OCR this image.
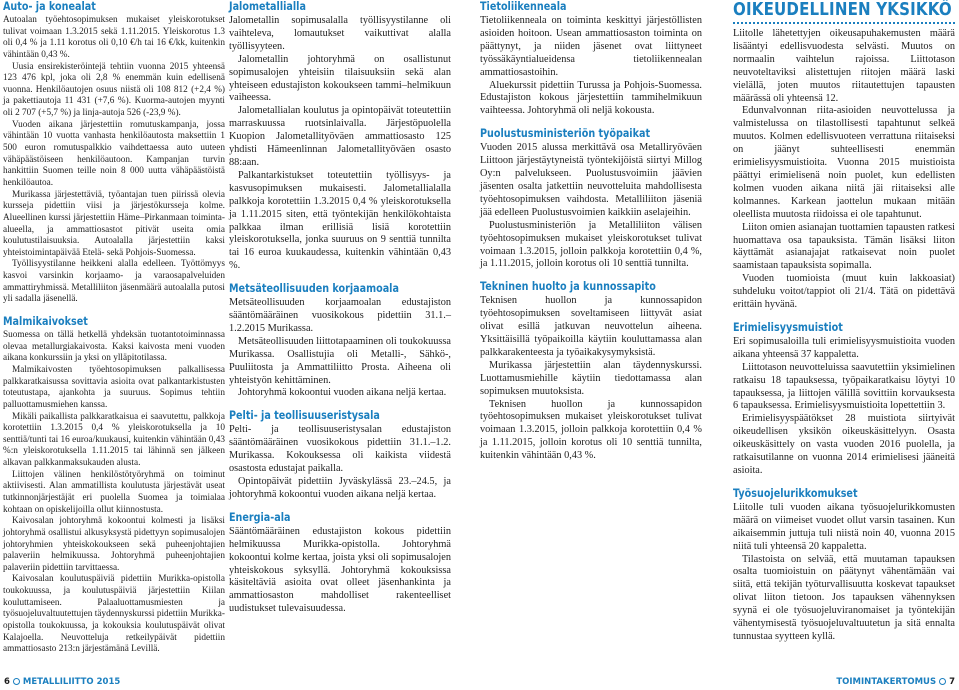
Auto- ja konealat

Autoalan työehtosopimuksen mukaiset yleiskorotukset tulivat voimaan 1.3.2015 sekä 1.11.2015. Yleiskorotus 1.3 oli 0,4 % ja 1.11 korotus oli 0,10 €/h tai 16 €/kk, kuitenkin vähintään 0,43 %.

Uusia ensirekisteröintejä tehtiin vuonna 2015 yhteensä 123 476 kpl, joka oli 2,8 % enemmän kuin edellisenä vuonna. Henkilöautojen osuus niistä oli 108 812 (+2,4 %) ja pakettiautoja 11 431 (+7,6 %). Kuorma-autojen myynti oli 2 707 (+5,7 %) ja linja-autoja 526 (-23,9 %).

Vuoden aikana järjestettiin romutuskampanja, jossa vähintään 10 vuotta vanhasta henkilöautosta maksettiin 1 500 euron romutuspalkkio vaihdettaessa auto uuteen vähäpäästöiseen henkilöautoon. Kampanjan turvin hankittiin Suomen teille noin 8 000 uutta vähäpäästöistä henkilöautoa.

Murikassa järjestettäviä, työantajan tuen piirissä olevia kursseja pidettiin viisi ja järjestökursseja kolme. Alueellinen kurssi järjestettiin Häme–Pirkanmaan toiminta-alueella, ja ammattiosastot pitivät useita omia koulutustilaisuuksia. Autoalalla järjestettiin kaksi yhteistoimintapäivää Etelä- sekä Pohjois-Suomessa.

Työllisyystilanne heikkeni alalla edelleen. Työttömyys kasvoi varsinkin korjaamo- ja varaosapalveluiden ammattiryhmissä. Metalliliiton jäsenmäärä autoalalla putosi yli sadalla jäsenellä.

Malmikaivokset

Suomessa on tällä hetkellä yhdeksän tuotantotoiminnassa olevaa metallurgiakaivosta. Kaksi kaivosta meni vuoden aikana konkurssiin ja yksi on ylläpitotilassa.

Malmikaivosten työehtosopimuksen palkallisessa palkkaratkaisussa sovittavia asioita ovat palkantarkistusten toteutustapa, ajankohta ja suuruus. Sopimus tehtiin palluottamusmiehen kanssa.

Mikäli paikallista palkkaratkaisua ei saavutettu, palkkoja korotettiin 1.3.2015 0,4 % yleiskorotuksella ja 10 senttiä/tunti tai 16 euroa/kuukausi, kuitenkin vähintään 0,43 %:n yleiskorotuksella 1.11.2015 tai lähinnä sen jälkeen alkavan palkkanmaksukauden alusta.

Liittojen välinen henkilöstötyöryhmä on toiminut aktiivisesti. Alan ammatillista koulutusta järjestävät useat tutkinnonjärjestäjät eri puolella Suomea ja toimialaa kohtaan on opiskelijoilla ollut kiinnostusta.

Kaivosalan johtoryhmä kokoontui kolmesti ja lisäksi johtoryhmä osallistui alkusyksystä pidettyyn sopimusalojen johtoryhmien yhteiskokoukseen sekä puheenjohtajien palaveriin helmikuussa. Johtoryhmä puheenjohtajien palaveriin pidettiin tarvittaessa.

Kaivosalan koulutuspäiviä pidettiin Murikka-opistolla toukokuussa, ja koulutuspäiviä järjestettiin Kiilan kouluttamiseen. Palaaluottamusmiesten ja työsuojeluvaltuutettujen täydennyskurssi pidettiin Murikka-opistolla toukokuussa, ja kokouksia koulutuspäivät olivat Kalajoella. Neuvotteluja retkeilypäivät pidettiin ammattiosasto 213:n järjestämänä Levillä.

Jalometallialla

Jalometallin sopimusalalla työllisyystilanne oli vaihteleva, lomautukset vaikuttivat alalla työllisyyteen.

Jalometallin johtoryhmä on osallistunut sopimusalojen yhteisiin tilaisuuksiin sekä alan yhteiseen edustajiston kokoukseen tammi–helmikuun vaiheessa.

Jalometallialan koulutus ja opintopäivät toteutettiin marraskuussa ruotsinlaivalla. Järjestöpuolella Kuopion Jalometallityöväen ammattiosasto 125 yhdisti Hämeenlinnan Jalometallityöväen osasto 88:aan.

Palkantarkistukset toteutettiin työllisyys- ja kasvusopimuksen mukaisesti. Jalometallialalla palkkoja korotettiin 1.3.2015 0,4 % yleiskorotuksella ja 1.11.2015 siten, että työntekijän henkilökohtaista palkkaa ilman erillisiä lisiä korotettiin yleiskorotuksella, jonka suuruus on 9 senttiä tunnilta tai 16 euroa kuukaudessa, kuitenkin vähintään 0,43 %.

Metsäteollisuuden korjaamoala

Metsäteollisuuden korjaamoalan edustajiston sääntömääräinen vuosikokous pidettiin 31.1.–1.2.2015 Murikassa.

Metsäteollisuuden liittotapaaminen oli toukokuussa Murikassa. Osallistujia oli Metalli-, Sähkö-, Puuliitosta ja Ammattiliitto Prosta. Aiheena oli yhteistyön kehittäminen.

Johtoryhmä kokoontui vuoden aikana neljä kertaa.

Pelti- ja teollisuuseristysala

Pelti- ja teollisuuseristysalan edustajiston sääntömääräinen vuosikokous pidettiin 31.1.–1.2. Murikassa. Kokouksessa oli kaikista viidestä osastosta edustajat paikalla.

Opintopäivät pidettiin Jyväskylässä 23.–24.5, ja johtoryhmä kokoontui vuoden aikana neljä kertaa.

Energia-ala

Sääntömääräinen edustajiston kokous pidettiin helmikuussa Murikka-opistolla. Johtoryhmä kokoontui kolme kertaa, joista yksi oli sopimusalojen yhteiskokous syksyllä. Johtoryhmä kokouksissa käsiteltäviä asioita ovat olleet jäsenhankinta ja ammattiosaston mahdolliset rakenteelliset uudistukset tulevaisuudessa.

Tietoliikenneala

Tietoliikenneala on toiminta keskittyi järjestöllisten asioiden hoitoon. Usean ammattiosaston toiminta on päättynyt, ja niiden jäsenet ovat liittyneet työssäkäyntialueidensa tietoliikennealan ammattiosastoihin.

Aluekurssit pidettiin Turussa ja Pohjois-Suomessa. Edustajiston kokous järjestettiin tammihelmikuun vaihteessa. Johtoryhmä oli neljä kokousta.

Puolustusministeriön työpaikat

Vuoden 2015 alussa merkittävä osa Metalliryöväen Liittoon järjestäytyneistä työntekijöistä siirtyi Millog Oy:n palvelukseen. Puolustusvoimiin jäävien jäsenten osalta jatkettiin neuvotteluita mahdollisesta työehtosopimuksen vaihdosta. Metalliliiton jäseniä jää edelleen Puolustusvoimien kaikkiin aselajeihin.

Puolustusministeriön ja Metalliliiton välisen työehtosopimuksen mukaiset yleiskorotukset tulivat voimaan 1.3.2015, jolloin palkkoja korotettiin 0,4 %, ja 1.11.2015, jolloin korotus oli 10 senttiä tunnilta.

Tekninen huolto ja kunnossapito

Teknisen huollon ja kunnossapidon työehtosopimuksen soveltamiseen liittyvät asiat olivat esillä jatkuvan neuvottelun aiheena. Yksittäisillä työpaikoilla käytiin kouluttamassa alan palkkarakenteesta ja työaikakysymyksistä.

Murikassa järjestettiin alan täydennyskurssi. Luottamusmiehille käytiin tiedottamassa alan sopimuksen muutoksista.

Teknisen huollon ja kunnossapidon työehtosopimuksen mukaiset yleiskorotukset tulivat voimaan 1.3.2015, jolloin palkkoja korotettiin 0,4 % ja 1.11.2015, jolloin korotus oli 10 senttiä tunnilta, kuitenkin vähintään 0,43 %.

OIKEUDELLINEN YKSIKKÖ

Liitolle lähetettyjen oikeusapuhakemusten määrä lisääntyi edellisvuodesta selvästi. Muutos on normaalin vaihtelun rajoissa. Liittotason neuvoteltaviksi alistettujen riitojen määrä laski vielällä, joten muutos riitautettujen tapausten määrässä oli yhteensä 12.

Edunvalvonnan riita-asioiden neuvottelussa ja valmistelussa on tilastollisesti tapahtunut selkeä muutos. Kolmen edellisvuoteen verrattuna riitaiseksi on jäänyt suhteellisesti enemmän erimielisyysmuistioita. Vuonna 2015 muistioista päättyi erimielisenä noin puolet, kun edellisten kolmen vuoden aikana niitä jäi riitaiseksi alle kolmannes. Karkean jaottelun mukaan mitään oleellista muutosta riidoissa ei ole tapahtunut.

Liiton omien asianajan tuottamien tapausten ratkesi huomattava osa tapauksista. Tämän lisäksi liiton käyttämät asianajajat ratkaisevat noin puolet saamistaan tapauksista sopimalla.

Vuoden tuomioista (muut kuin lakkoasiat) suhdeluku voitot/tappiot oli 21/4. Tätä on pidettävä erittäin hyvänä.

Erimielisyysmuistiot

Eri sopimusaloilla tuli erimielisyysmuistioita vuoden aikana yhteensä 37 kappaletta.

Liittotason neuvotteluissa saavutettiin yksimielinen ratkaisu 18 tapauksessa, työpaikaratkaisu löytyi 10 tapauksessa, ja liittojen välillä sovittiin korvauksesta 6 tapauksessa. Erimielisyysmuistioita lopettettiin 3.

Erimielisyyspäätökset 28 muistiota siirtyivät oikeudellisen yksikön oikeuskäsittelyyn. Osasta oikeuskäsittely on vasta vuoden 2016 puolella, ja ratkaisutilanne on vuonna 2014 erimielisesi jääneitä asioita.

Työsuojelurikkomukset

Liitolle tuli vuoden aikana työsuojelurikkomusten määrä on viimeiset vuodet ollut varsin tasainen. Kun aikaisemmin juttuja tuli niistä noin 40, vuonna 2015 niitä tuli yhteensä 20 kappaletta.

Tilastoista on selvää, että muutaman tapauksen osalta tuomioistuin on päätynyt vähentämään vai siitä, että tekijän työturvallisuutta koskevat tapaukset olivat liiton tietoon. Jos tapauksen vähennyksen syynä ei ole työsuojeluviranomaiset ja työntekijän vähentymisestä työsuojeluvaltuutetun ja sitä ennalta tunnustaa syytteen kyllä.

6 METALLILIITTO 2015	TOIMINTAKERTOMUS 7
